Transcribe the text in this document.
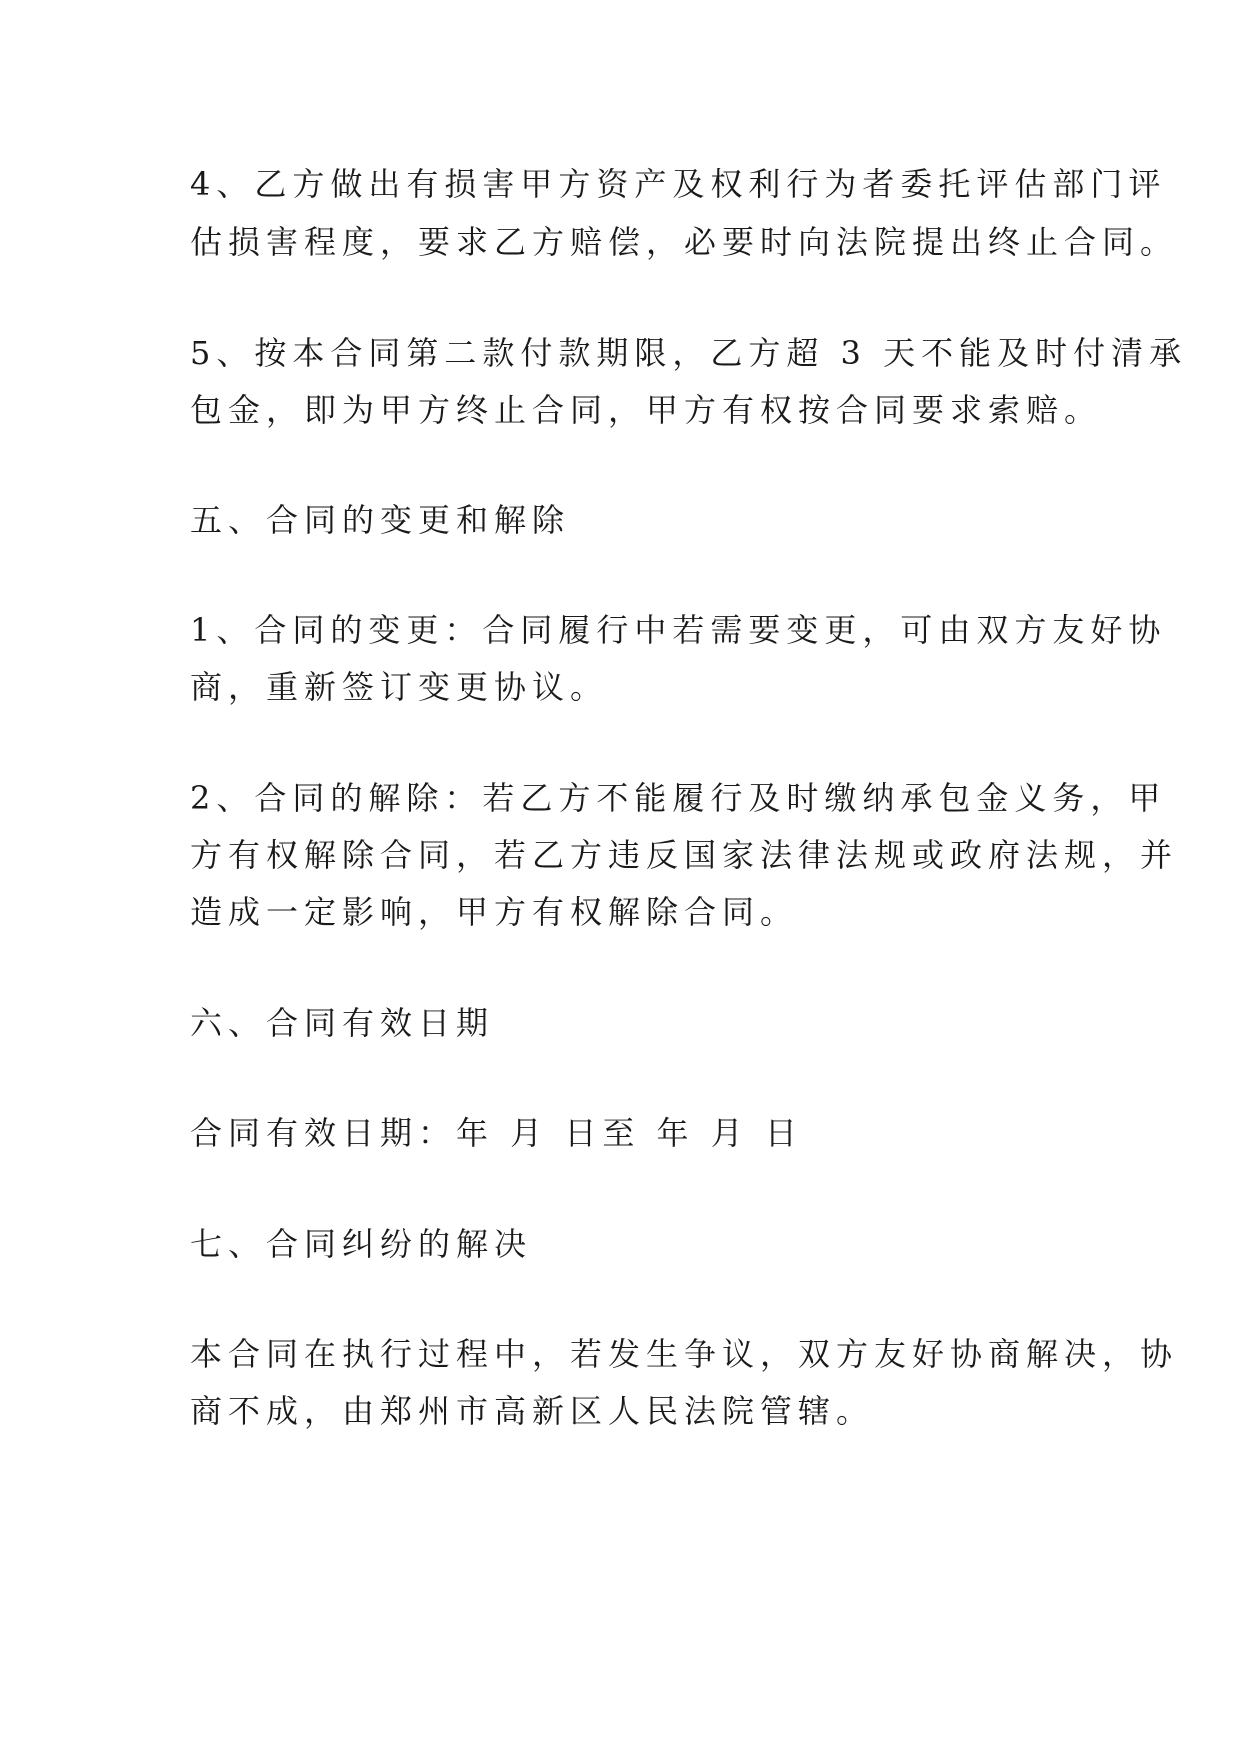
4、乙方做出有损害甲方资产及权利行为者委托评估部门评
估损害程度，要求乙方赔偿，必要时向法院提出终止合同。
5、按本合同第二款付款期限，乙方超 3 天不能及时付清承
包金，即为甲方终止合同，甲方有权按合同要求索赔。
五、合同的变更和解除
1、合同的变更：合同履行中若需要变更，可由双方友好协
商，重新签订变更协议。
2、合同的解除：若乙方不能履行及时缴纳承包金义务，甲
方有权解除合同，若乙方违反国家法律法规或政府法规，并
造成一定影响，甲方有权解除合同。
六、合同有效日期
合同有效日期：年 月 日至 年 月 日
七、合同纠纷的解决
本合同在执行过程中，若发生争议，双方友好协商解决，协
商不成，由郑州市高新区人民法院管辖。
